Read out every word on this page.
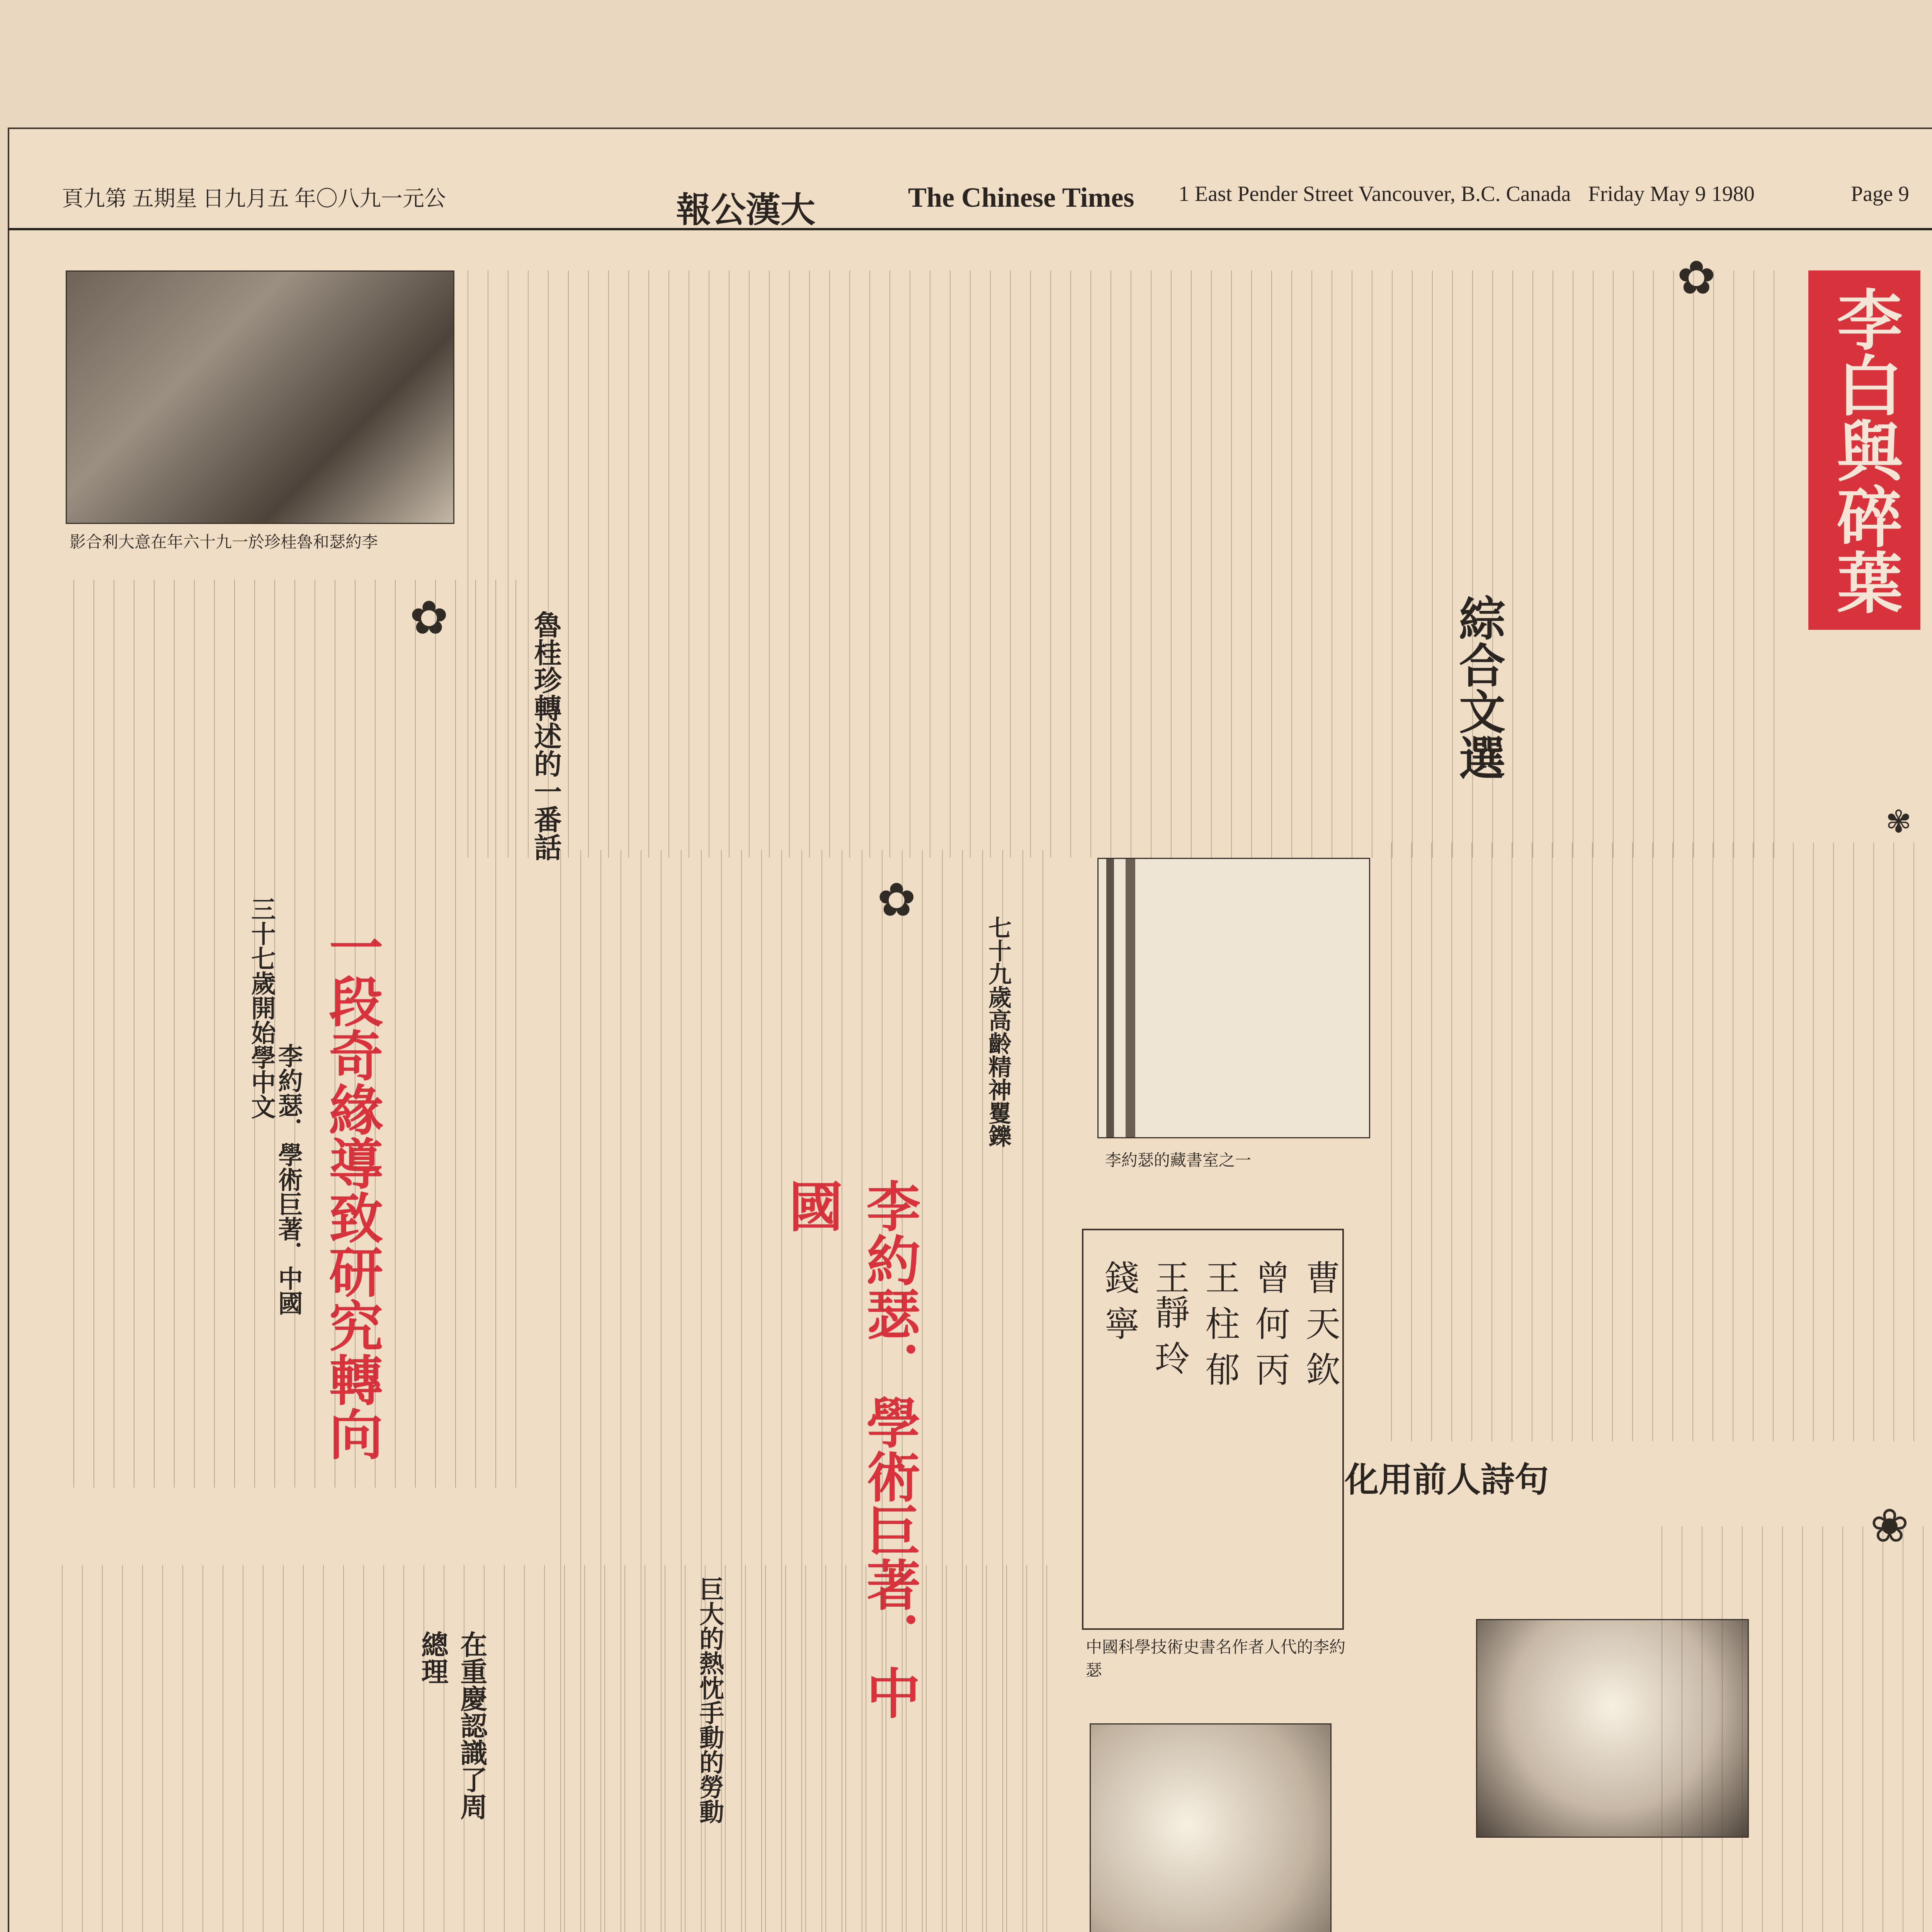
頁九第 五期星 日九月五 年〇八九一元公	報公漢大	The Chinese Times 1 East Pender Street Vancouver, B.C. Canada Friday May 9 1980	Page 9
李白與碎葉
綜合文選
✿
✾
✿
✿
❀
影合利大意在年六十九一於珍桂魯和瑟約李
李約瑟的藏書室之一
錢 寧 王靜 玲 王 柱 郁 曾 何 丙 曹 天 欽
中國科學技術史書名作者人代的李約瑟
魯桂珍轉述的一番話
一段奇緣導致研究轉向
李約瑟．學術巨著．中國	李約瑟．學術巨著．中國
七十九歲高齡精神矍鑠
化用前人詩句
在重慶認識了周總理	巨大的熱忱手動的勞動
三十七歲開始學中文
